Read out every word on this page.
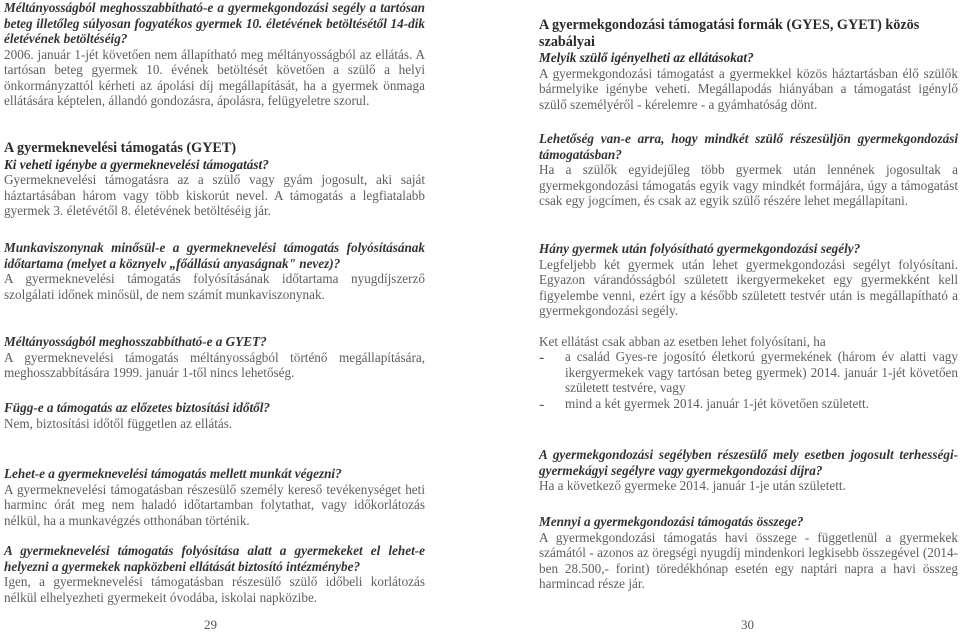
Méltányosságból meghosszabbítható-e a gyermekgondozási segély a tartósan beteg illetőleg súlyosan fogyatékos gyermek 10. életévének betöltésétől 14-dik életévének betöltéséig?

2006. január 1-jét követően nem állapítható meg méltányosságból az ellátás. A tartósan beteg gyermek 10. évének betöltését követően a szülő a helyi önkormányzattól kérheti az ápolási díj megállapítását, ha a gyermek önmaga ellátására képtelen, állandó gondozásra, ápolásra, felügyeletre szorul.

A gyermeknevelési támogatás (GYET)

Ki veheti igénybe a gyermeknevelési támogatást?

Gyermeknevelési támogatásra az a szülő vagy gyám jogosult, aki saját háztartásában három vagy több kiskorút nevel. A támogatás a legfiatalabb gyermek 3. életévétől 8. életévének betöltéséig jár.

Munkaviszonynak minősül-e a gyermeknevelési támogatás folyósításának időtartama (melyet a köznyelv „főállású anyaságnak" nevez)?

A gyermeknevelési támogatás folyósításának időtartama nyugdíjszerző szolgálati időnek minősül, de nem számít munkaviszonynak.

Méltányosságból meghosszabbítható-e a GYET?

A gyermeknevelési támogatás méltányosságból történő megállapítására, meghosszabbítására 1999. január 1-től nincs lehetőség.

Függ-e a támogatás az előzetes biztosítási időtől?

Nem, biztosítási időtől független az ellátás.

Lehet-e a gyermeknevelési támogatás mellett munkát végezni?

A gyermeknevelési támogatásban részesülő személy kereső tevékenységet heti harminc órát meg nem haladó időtartamban folytathat, vagy időkorlátozás nélkül, ha a munkavégzés otthonában történik.

A gyermeknevelési támogatás folyósítása alatt a gyermekeket el lehet-e helyezni a gyermekek napközbeni ellátását biztosító intézménybe?

Igen, a gyermeknevelési támogatásban részesülő szülő időbeli korlátozás nélkül elhelyezheti gyermekeit óvodába, iskolai napközibe.

29

A gyermekgondozási támogatási formák (GYES, GYET) közös szabályai

Melyik szülő igényelheti az ellátásokat?

A gyermekgondozási támogatást a gyermekkel közös háztartásban élő szülők bármelyike igénybe veheti. Megállapodás hiányában a támogatást igénylő szülő személyéről - kérelemre - a gyámhatóság dönt.

Lehetőség van-e arra, hogy mindkét szülő részesüljön gyermekgondozási támogatásban?

Ha a szülők egyidejűleg több gyermek után lennének jogosultak a gyermekgondozási támogatás egyik vagy mindkét formájára, úgy a támogatást csak egy jogcímen, és csak az egyik szülő részére lehet megállapítani.

Hány gyermek után folyósítható gyermekgondozási segély?

Legfeljebb két gyermek után lehet gyermekgondozási segélyt folyósítani. Egyazon várandósságból született ikergyermekeket egy gyermekként kell figyelembe venni, ezért így a később született testvér után is megállapítható a gyermekgondozási segély.

Ket ellátást csak abban az esetben lehet folyósítani, ha

- a család Gyes-re jogosító életkorú gyermekének (három év alatti vagy ikergyermekek vagy tartósan beteg gyermek) 2014. január 1-jét követően született testvére, vagy

- mind a két gyermek 2014. január 1-jét követően született.

A gyermekgondozási segélyben részesülő mely esetben jogosult terhességi-gyermekágyi segélyre vagy gyermekgondozási díjra?

Ha a következő gyermeke 2014. január 1-je után született.

Mennyi a gyermekgondozási támogatás összege?

A gyermekgondozási támogatás havi összege - függetlenül a gyermekek számától - azonos az öregségi nyugdíj mindenkori legkisebb összegével (2014-ben 28.500,- forint) töredékhónap esetén egy naptári napra a havi összeg harmincad része jár.

30
